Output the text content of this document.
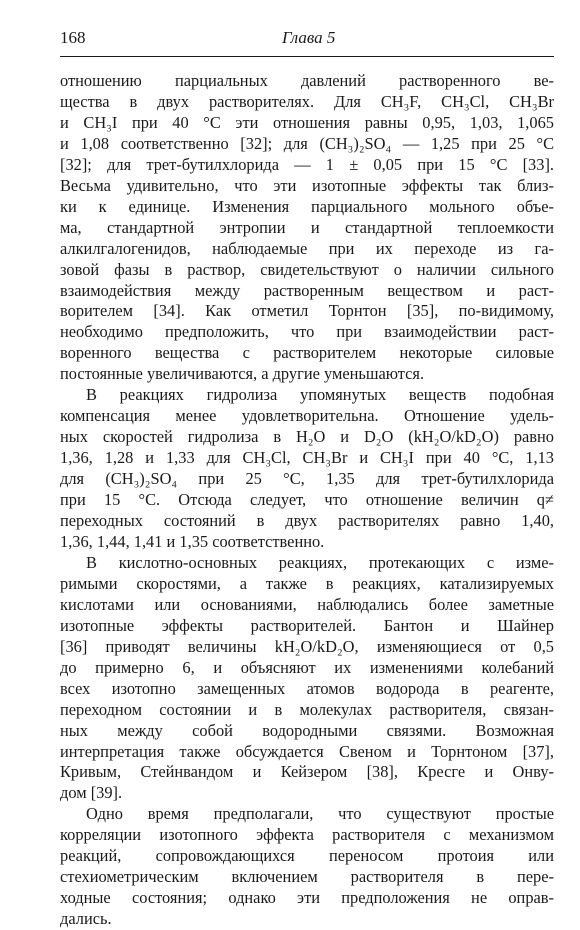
168	Глава 5

отношению парциальных давлений растворенного ве-
щества в двух растворителях. Для CH₃F, CH₃Cl, CH₃Br
и CH₃I при 40 °C эти отношения равны 0,95, 1,03, 1,065
и 1,08 соответственно [32]; для (CH₃)₂SO₄ — 1,25 при 25 °C
[32]; для трет-бутилхлорида — 1 ± 0,05 при 15 °C [33].
Весьма удивительно, что эти изотопные эффекты так близ-
ки к единице. Изменения парциального мольного объе-
ма, стандартной энтропии и стандартной теплоемкости
алкилгалогенидов, наблюдаемые при их переходе из га-
зовой фазы в раствор, свидетельствуют о наличии сильного
взаимодействия между растворенным веществом и раст-
ворителем [34]. Как отметил Торнтон [35], по-видимому,
необходимо предположить, что при взаимодействии раст-
воренного вещества с растворителем некоторые силовые
постоянные увеличиваются, а другие уменьшаются.

В реакциях гидролиза упомянутых веществ подобная
компенсация менее удовлетворительна. Отношение удель-
ных скоростей гидролиза в H₂O и D₂O (kH₂O/kD₂O) равно
1,36, 1,28 и 1,33 для CH₃Cl, CH₃Br и CH₃I при 40 °C, 1,13
для (CH₃)₂SO₄ при 25 °C, 1,35 для трет-бутилхлорида
при 15 °C. Отсюда следует, что отношение величин q≠
переходных состояний в двух растворителях равно 1,40,
1,36, 1,44, 1,41 и 1,35 соответственно.

В кислотно-основных реакциях, протекающих с изме-
римыми скоростями, а также в реакциях, катализируемых
кислотами или основаниями, наблюдались более заметные
изотопные эффекты растворителей. Бантон и Шайнер
[36] приводят величины kH₂O/kD₂O, изменяющиеся от 0,5
до примерно 6, и объясняют их изменениями колебаний
всех изотопно замещенных атомов водорода в реагенте,
переходном состоянии и в молекулах растворителя, связан-
ных между собой водородными связями. Возможная
интерпретация также обсуждается Свеном и Торнтоном [37],
Кривым, Стейнвандом и Кейзером [38], Кресге и Онву-
дом [39].

Одно время предполагали, что существуют простые
корреляции изотопного эффекта растворителя с механизмом
реакций, сопровождающихся переносом протоия или
стехиометрическим включением растворителя в пере-
ходные состояния; однако эти предположения не оправ-
дались.
